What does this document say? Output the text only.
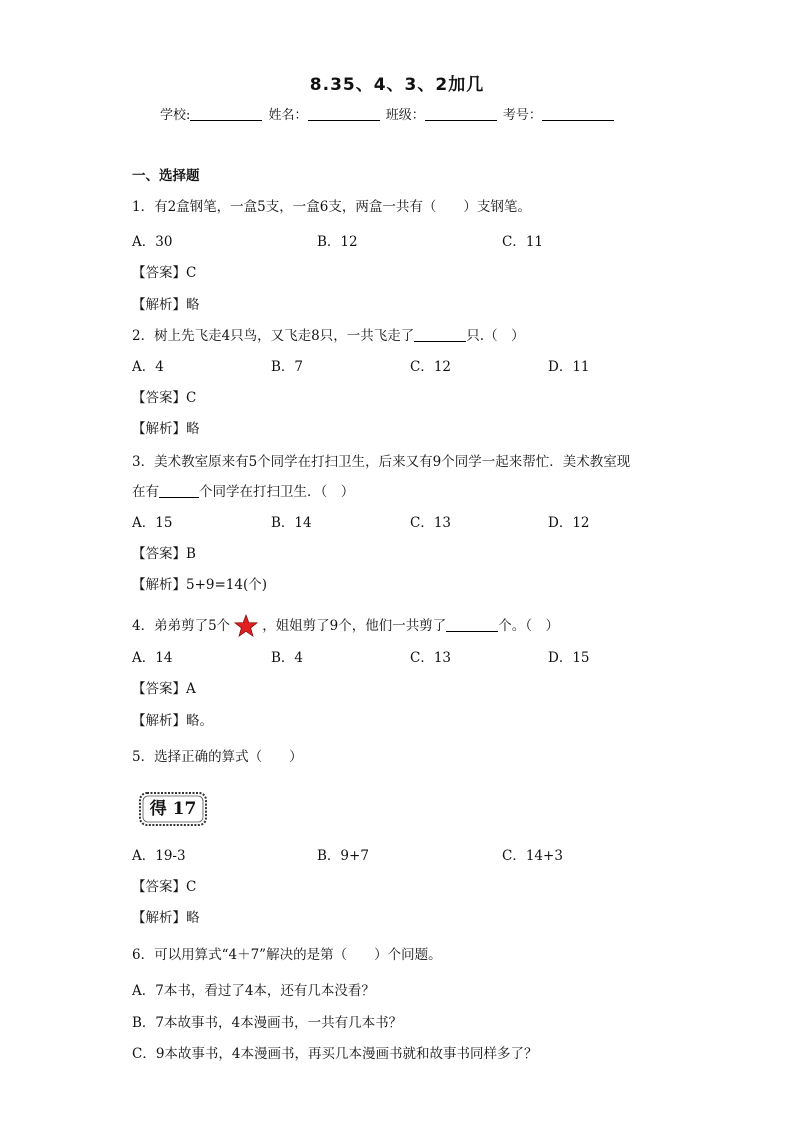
8.35、4、3、2加几
学校:	姓名：	班级：	考号：
一、选择题
1．有2盒钢笔，一盒5支，一盒6支，两盒一共有（　　）支钢笔。
A．30	B．12	C．11
【答案】C
【解析】略
2．树上先飞走4只鸟，又飞走8只，一共飞走了	只.（　）
A．4	B．7	C．12	D．11
【答案】C
【解析】略
3．美术教室原来有5个同学在打扫卫生，后来又有9个同学一起来帮忙．美术教室现
在有	个同学在打扫卫生．（　）
A．15	B．14	C．13	D．12
【答案】B
【解析】5+9=14(个)
4．弟弟剪了5个 ，姐姐剪了9个，他们一共剪了	个。（　）
A．14	B．4	C．13	D．15
【答案】A
【解析】略。
5．选择正确的算式（　　）
得 17
A．19-3	B．9+7	C．14+3
【答案】C
【解析】略
6．可以用算式“4＋7”解决的是第（　　）个问题。
A．7本书，看过了4本，还有几本没看？
B．7本故事书，4本漫画书，一共有几本书？
C．9本故事书，4本漫画书，再买几本漫画书就和故事书同样多了？
